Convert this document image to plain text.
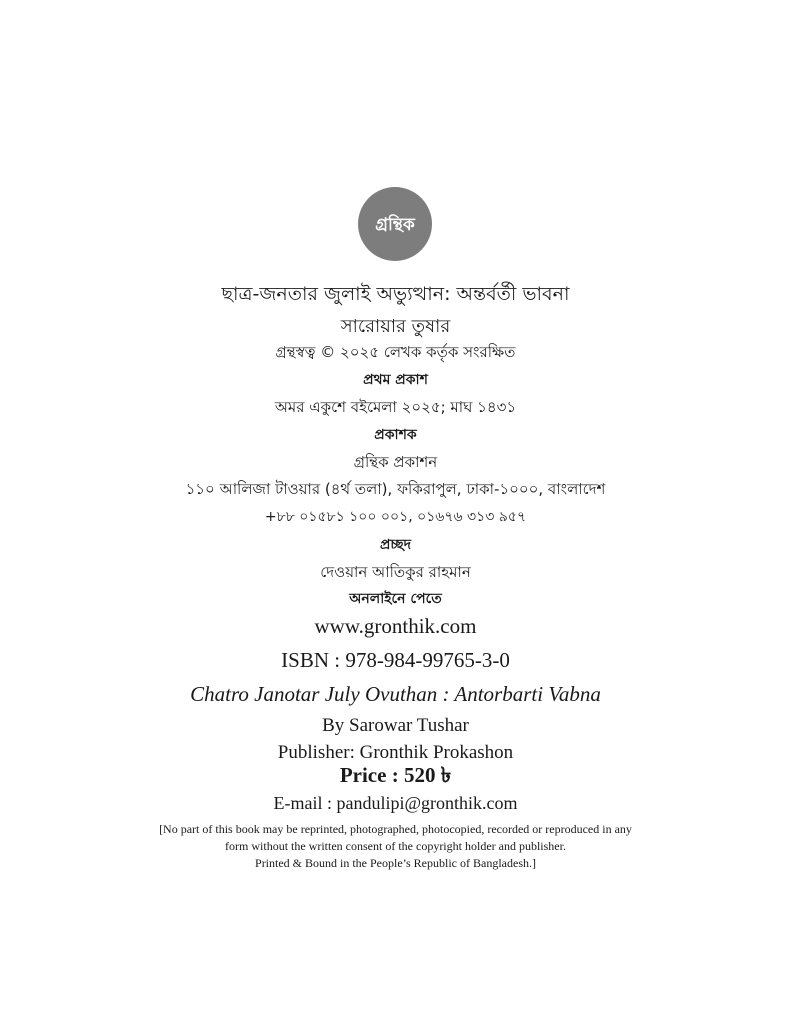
গ্রন্থিক
ছাত্র-জনতার জুলাই অভ্যুত্থান: অন্তর্বর্তী ভাবনা
সারোয়ার তুষার
গ্রন্থস্বত্ব © ২০২৫ লেখক কর্তৃক সংরক্ষিত
প্রথম প্রকাশ
অমর একুশে বইমেলা ২০২৫; মাঘ ১৪৩১
প্রকাশক
গ্রন্থিক প্রকাশন
১১০ আলিজা টাওয়ার (৪র্থ তলা), ফকিরাপুল, ঢাকা-১০০০, বাংলাদেশ
+৮৮ ০১৫৮১ ১০০ ০০১, ০১৬৭৬ ৩১৩ ৯৫৭
প্রচ্ছদ
দেওয়ান আতিকুর রাহমান
অনলাইনে পেতে
www.gronthik.com
ISBN : 978-984-99765-3-0
Chatro Janotar July Ovuthan : Antorbarti Vabna
By Sarowar Tushar
Publisher: Gronthik Prokashon
Price : 520 ৳
E-mail : pandulipi@gronthik.com
[No part of this book may be reprinted, photographed, photocopied, recorded or reproduced in any
form without the written consent of the copyright holder and publisher.
Printed & Bound in the People’s Republic of Bangladesh.]
